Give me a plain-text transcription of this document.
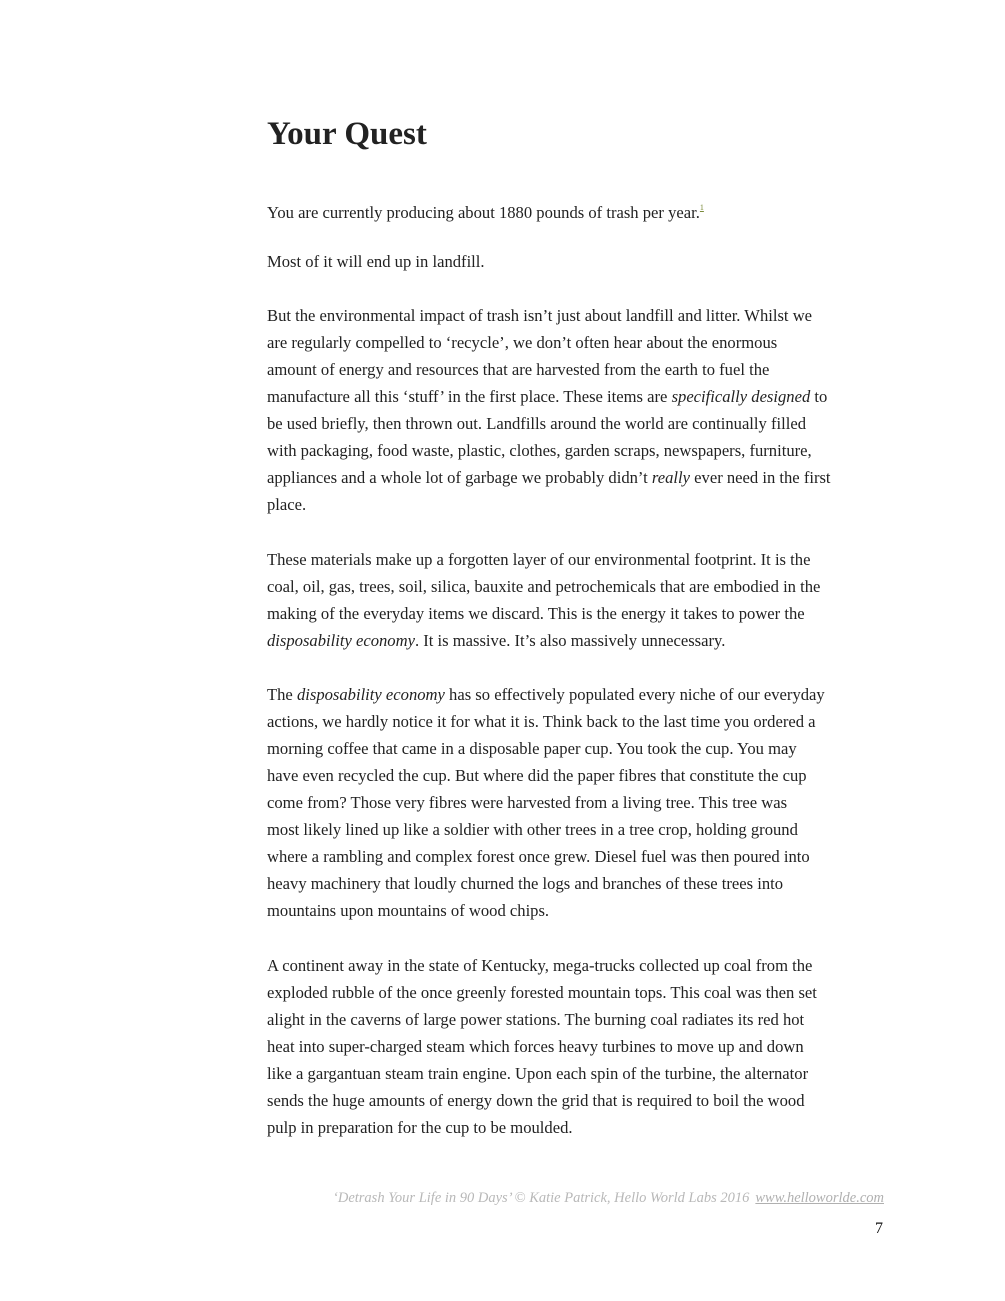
Your Quest
You are currently producing about 1880 pounds of trash per year.$^1$
Most of it will end up in landfill.
But the environmental impact of trash isn’t just about landfill and litter. Whilst we
are regularly compelled to ‘recycle’, we don’t often hear about the enormous
amount of energy and resources that are harvested from the earth to fuel the
manufacture all this ‘stuff’ in the first place. These items are specifically designed to
be used briefly, then thrown out. Landfills around the world are continually filled
with packaging, food waste, plastic, clothes, garden scraps, newspapers, furniture,
appliances and a whole lot of garbage we probably didn’t really ever need in the first
place.
These materials make up a forgotten layer of our environmental footprint. It is the
coal, oil, gas, trees, soil, silica, bauxite and petrochemicals that are embodied in the
making of the everyday items we discard. This is the energy it takes to power the
disposability economy. It is massive. It’s also massively unnecessary.
The disposability economy has so effectively populated every niche of our everyday
actions, we hardly notice it for what it is. Think back to the last time you ordered a
morning coffee that came in a disposable paper cup. You took the cup. You may
have even recycled the cup. But where did the paper fibres that constitute the cup
come from? Those very fibres were harvested from a living tree. This tree was
most likely lined up like a soldier with other trees in a tree crop, holding ground
where a rambling and complex forest once grew. Diesel fuel was then poured into
heavy machinery that loudly churned the logs and branches of these trees into
mountains upon mountains of wood chips.
A continent away in the state of Kentucky, mega-trucks collected up coal from the
exploded rubble of the once greenly forested mountain tops. This coal was then set
alight in the caverns of large power stations. The burning coal radiates its red hot
heat into super-charged steam which forces heavy turbines to move up and down
like a gargantuan steam train engine. Upon each spin of the turbine, the alternator
sends the huge amounts of energy down the grid that is required to boil the wood
pulp in preparation for the cup to be moulded.
‘Detrash Your Life in 90 Days’ © Katie Patrick, Hello World Labs 2016 www.helloworlde.com
7
